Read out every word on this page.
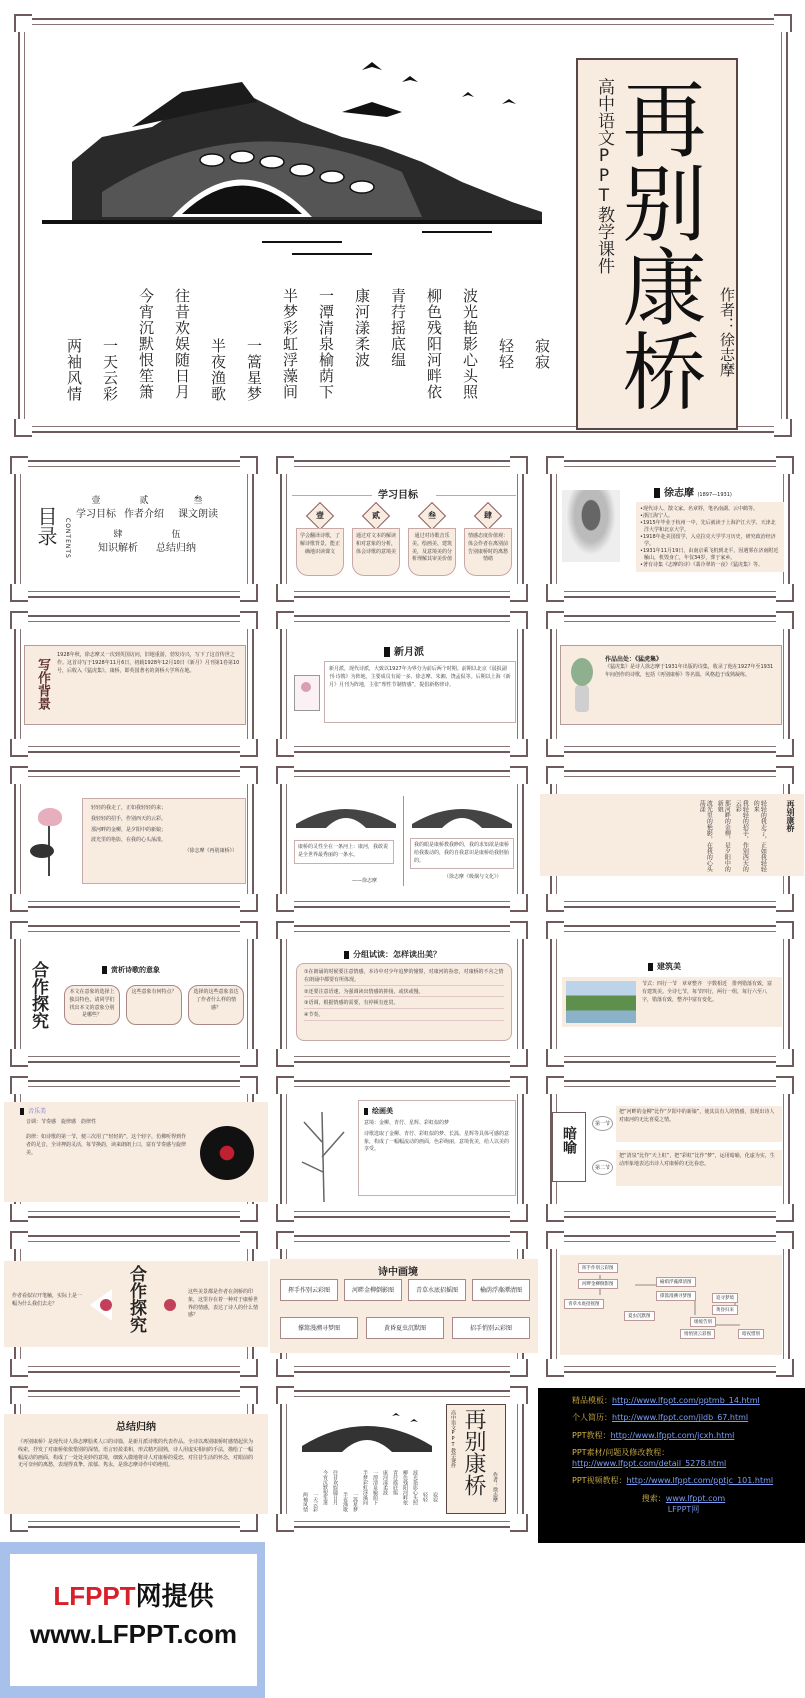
高中语文PPT教学课件
再别康桥 作者：徐志摩
寂寂
轻轻
波光艳影心头照
柳色残阳河畔依
青荇摇底缊
康河漾柔波
一潭清泉榆荫下
半梦彩虹浮藻间
一篙星梦
半夜渔歌
往昔欢娱随日月
今宵沉默恨笙箫
一天云彩
两袖风情
目录	CONTENTS
壹
学习目标
贰
作者介绍
叁
课文朗读
肆
知识解析
伍
总结归纳
学习目标
壹
学会翻译诗歌，了解诗歌背景，能正确地识读课文
贰
通过对文本的解读和对意象的分析，体会诗歌的意境美
叁
通过对诗歌音乐美、绘画美、建筑美，及意境美的分析理解其审美价值
肆
情感态度价值观：体会作者在离别前告别康桥时的离愁情绪
徐志摩 (1897—1931)
•现代诗人、散文家。名章垿，笔名南湖、云中鹤等。
•浙江海宁人。
•1915年毕业于杭州一中，先后就读于上海沪江大学、天津北洋大学和北京大学。
•1918年赴美国留学，入克拉克大学学习历史，研究政治经济学。
•1931年11月19日，由南京乘飞机到北平，因遇雾在济南附近触山，机毁身亡，年仅34岁，葬于家乡。
•著有诗集《志摩的诗》《翡冷翠的一夜》《猛虎集》等。
写作背景
1928年秋，徐志摩又一次到英国访问，旧地重游，勃发诗兴，写下了这首传世之作。这首诗写于1928年11月6日，初载1928年12月10日《新月》月刊第1卷第10号，后收入《猛虎集》。康桥，即英国著名的剑桥大学所在地。
新月派
新月派，现代诗派，大致以1927年为界分为前后两个时期。前期以北京《晨报副刊·诗镌》为阵地，主要成员有闻一多、徐志摩、朱湘、饶孟侃等。后期以上海《新月》月刊为阵地，主张“理性节制情感”，提倡新格律诗。
作品出处：《猛虎集》
《猛虎集》是诗人徐志摩于1931年出版的诗集，收录了他在1927年至1931年间创作的诗歌，包括《再别康桥》等名篇，风格趋于成熟凝练。
轻轻的我走了，正如我轻轻的来；
我轻轻的招手，作别西天的云彩。
那河畔的金柳，是夕阳中的新娘；
波光里的艳影，在我的心头荡漾。
（徐志摩《再别康桥》）
康桥的灵性全在一条河上：康河，我敢说是全世界最秀丽的一条水。
——徐志摩
我的眼是康桥教我睁的，我的求知欲是康桥给我拨动的，我的自我意识是康桥给我胚胎的。
（徐志摩《吸烟与文化》）
再别康桥
轻轻的我走了，正如我轻轻的来
我轻轻的招手，作别西天的云彩
那河畔的金柳，是夕阳中的新娘
波光里的艳影，在我的心头荡漾
合作探究	赏析诗歌的意象
本文在意象的选择上独具特色，请同学们找出本文的意象分别是哪些？
这些意象有何特点？	选择的这些意象表达了作者什么样的情感？
分组试读：怎样读出美？
①在朗诵的时候要注意情感，本诗中对少年追梦的憧憬，对康河的眷恋，对康桥的不舍之情在朗诵中都要有所体现。
②还要注意语速，为强调读出情感的抑扬，或快或慢。
③语调，根据情感的需要，有停顿有连贯。
④节奏。
建筑美
节式：四行一节　章章整齐　字数相近　排列错落有致，富有建筑美。全诗七节，每节四行，两行一组，每行六至八字，错落有致，整齐中富有变化。
音乐美
音调：节奏感　旋律感　韵律性
韵律：如诗歌的第一节，便三次用了“轻轻的”，这个轻字，仿佛听得到作者的足音，全诗押韵灵活，每节换韵，读来朗朗上口，富有节奏感与旋律美。
绘画美
意境：金柳、青荇、星辉、彩虹似的梦
诗歌选取了金柳、青荇、彩虹似的梦、长篙、星辉等具体可感的意象，构成了一幅幅流动的画面，色彩绚丽，意境优美，给人以美的享受。	暗喻
第一节
把“河畔的金柳”比作“夕阳中的新娘”，使其具有人的情感，表现出诗人对康河的无比喜爱之情。
第二节
把“清泉”比作“天上虹”，把“彩虹”比作“梦”，运用暗喻，化虚为实，生动形象地表达出诗人对康桥的无比眷恋。
作者看似宕开笔触，实际上是一幅为什么我们去走？	合作探究	这些美景都是作者在剑桥的印象，这里存在着一种对于康桥世界的情感，表达了诗人的什么情感？
诗中画境
挥手作别云彩图	河畔金柳倒影图	青草水底招摇图	榆荫浮藻潭清图
撑篙漫溯寻梦图	黄昏夏虫沉默图	招手悄别云彩图
挥手作别云彩图
河畔金柳倒影图
青草水底招摇图
榆荫浮藻潭清图
撑篙漫溯寻梦图
夏虫沉默图
悄悄别云彩图
缓缓告别
追寻梦境
黄昏归来
暗夜惜别
总结归纳
《再别康桥》是现代诗人徐志摩脍炙人口的诗篇，是新月派诗歌的代表作品。全诗以离别康桥时感情起伏为线索，抒发了对康桥依依惜别的深情。语言轻盈柔和，形式精巧圆熟，诗人用虚实相间的手法，描绘了一幅幅流动的画面，构成了一处处美妙的意境，细致入微地将诗人对康桥的爱恋，对往昔生活的怀念，对眼前的无可奈何的离愁，表现得真挚、浓郁、隽永，是徐志摩诗作中的绝唱。	高中语文PPT教学课件 再别康桥 作者：徐志摩
寂寂
轻轻
波光艳影心头照
柳色残阳河畔依
青荇摇底缊
康河漾柔波
一潭清泉榆荫下
半梦彩虹浮藻间
一篙星梦
半夜渔歌
往昔欢娱随日月
今宵沉默恨笙箫
一天云彩
两袖风情
精品模板：http://www.lfppt.com/pptmb_14.html
个人简历：http://www.lfppt.com/jldb_67.html
PPT教程：http://www.lfppt.com/jcxh.html
PPT素材/问题及修改教程：http://www.lfppt.com/detail_5278.html
PPT视频教程：http://www.lfppt.com/pptjc_101.html
搜索：www.lfppt.com
LFPPT网
LFPPT网提供
www.LFPPT.com
